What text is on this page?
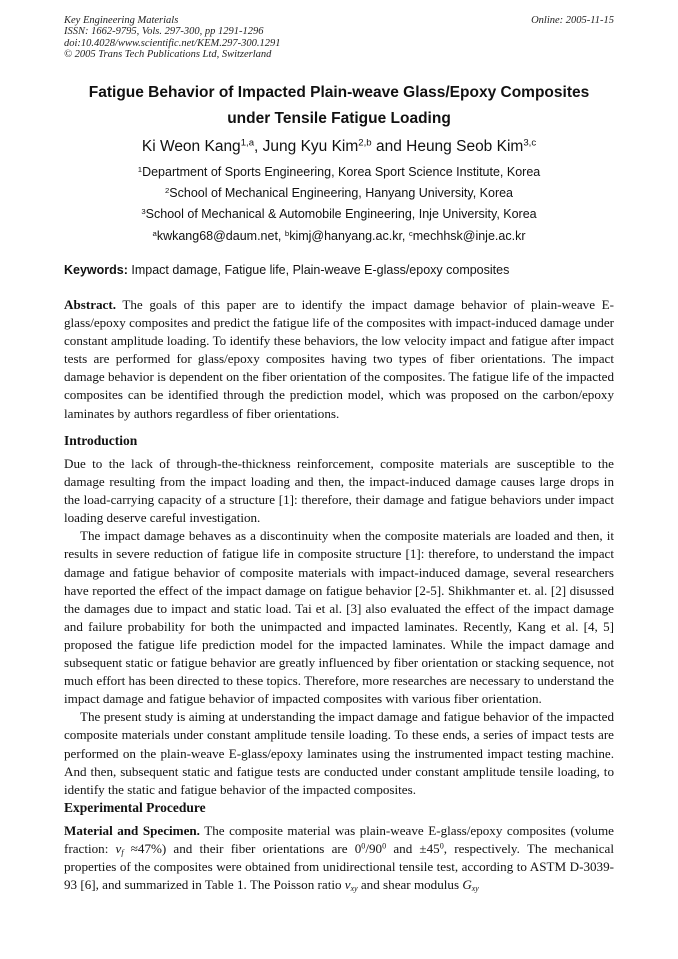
Key Engineering Materials
ISSN: 1662-9795, Vols. 297-300, pp 1291-1296
doi:10.4028/www.scientific.net/KEM.297-300.1291
© 2005 Trans Tech Publications Ltd, Switzerland
Online: 2005-11-15
Fatigue Behavior of Impacted Plain-weave Glass/Epoxy Composites
under Tensile Fatigue Loading
Ki Weon Kang$^{1,a}$, Jung Kyu Kim$^{2,b}$ and Heung Seob Kim$^{3,c}$
$^1$Department of Sports Engineering, Korea Sport Science Institute, Korea
$^2$School of Mechanical Engineering, Hanyang University, Korea
$^3$School of Mechanical & Automobile Engineering, Inje University, Korea
$^a$kwkang68@daum.net, $^b$kimj@hanyang.ac.kr, $^c$mechhsk@inje.ac.kr
Keywords: Impact damage, Fatigue life, Plain-weave E-glass/epoxy composites

Abstract. The goals of this paper are to identify the impact damage behavior of plain-weave E-glass/epoxy composites and predict the fatigue life of the composites with impact-induced damage under constant amplitude loading. To identify these behaviors, the low velocity impact and fatigue after impact tests are performed for glass/epoxy composites having two types of fiber orientations. The impact damage behavior is dependent on the fiber orientation of the composites. The fatigue life of the impacted composites can be identified through the prediction model, which was proposed on the carbon/epoxy laminates by authors regardless of fiber orientations.

Introduction

Due to the lack of through-the-thickness reinforcement, composite materials are susceptible to the damage resulting from the impact loading and then, the impact-induced damage causes large drops in the load-carrying capacity of a structure [1]: therefore, their damage and fatigue behaviors under impact loading deserve careful investigation.

The impact damage behaves as a discontinuity when the composite materials are loaded and then, it results in severe reduction of fatigue life in composite structure [1]: therefore, to understand the impact damage and fatigue behavior of composite materials with impact-induced damage, several researchers have reported the effect of the impact damage on fatigue behavior [2-5]. Shikhmanter et. al. [2] disussed the damages due to impact and static load. Tai et al. [3] also evaluated the effect of the impact damage and failure probability for both the unimpacted and impacted laminates. Recently, Kang et al. [4, 5] proposed the fatigue life prediction model for the impacted laminates. While the impact damage and subsequent static or fatigue behavior are greatly influenced by fiber orientation or stacking sequence, not much effort has been directed to these topics. Therefore, more researches are necessary to understand the impact damage and fatigue behavior of impacted composites with various fiber orientation.

The present study is aiming at understanding the impact damage and fatigue behavior of the impacted composite materials under constant amplitude tensile loading. To these ends, a series of impact tests are performed on the plain-weave E-glass/epoxy laminates using the instrumented impact testing machine. And then, subsequent static and fatigue tests are conducted under constant amplitude tensile loading, to identify the static and fatigue behavior of the impacted composites.

Experimental Procedure

Material and Specimen. The composite material was plain-weave E-glass/epoxy composites (volume fraction: $v_f \approx 47\%$) and their fiber orientations are $0^0/90^0$ and $\pm 45^0$, respectively. The mechanical properties of the composites were obtained from unidirectional tensile test, according to ASTM D-3039-93 [6], and summarized in Table 1. The Poisson ratio $\nu_{xy}$ and shear modulus $G_{xy}$
